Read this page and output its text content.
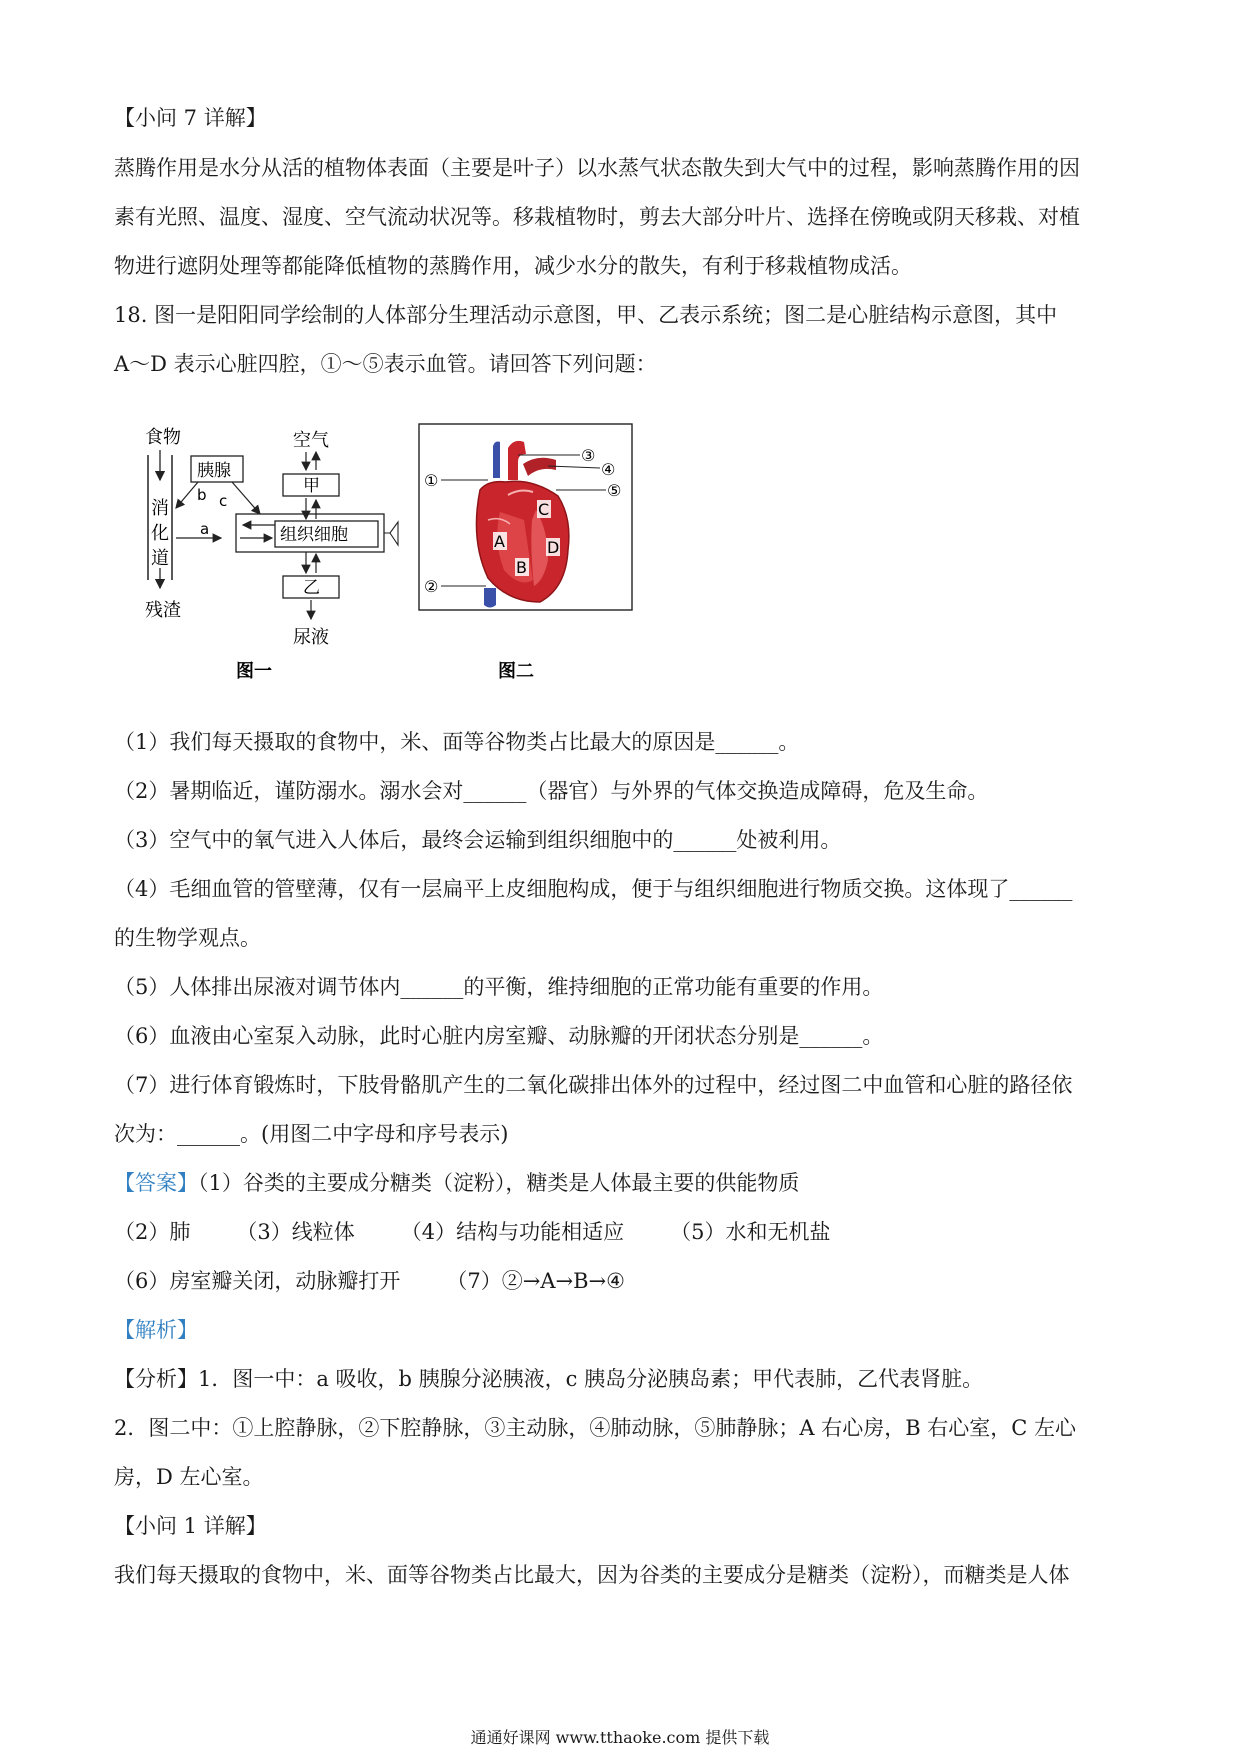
【小问 7 详解】
蒸腾作用是水分从活的植物体表面（主要是叶子）以水蒸气状态散失到大气中的过程，影响蒸腾作用的因
素有光照、温度、湿度、空气流动状况等。移栽植物时，剪去大部分叶片、选择在傍晚或阴天移栽、对植
物进行遮阴处理等都能降低植物的蒸腾作用，减少水分的散失，有利于移栽植物成活。
18. 图一是阳阳同学绘制的人体部分生理活动示意图，甲、乙表示系统；图二是心脏结构示意图，其中
A～D 表示心脏四腔，①～⑤表示血管。请回答下列问题：
食物
消
化
道
残渣
胰腺
b c
a	组织细胞
空气
甲
乙
尿液
图一
A
B
C
D
①
②
③
④
⑤
图二
（1）我们每天摄取的食物中，米、面等谷物类占比最大的原因是______。
（2）暑期临近，谨防溺水。溺水会对______（器官）与外界的气体交换造成障碍，危及生命。
（3）空气中的氧气进入人体后，最终会运输到组织细胞中的______处被利用。
（4）毛细血管的管壁薄，仅有一层扁平上皮细胞构成，便于与组织细胞进行物质交换。这体现了______
的生物学观点。
（5）人体排出尿液对调节体内______的平衡，维持细胞的正常功能有重要的作用。
（6）血液由心室泵入动脉，此时心脏内房室瓣、动脉瓣的开闭状态分别是______。
（7）进行体育锻炼时，下肢骨骼肌产生的二氧化碳排出体外的过程中，经过图二中血管和心脏的路径依
次为：______。(用图二中字母和序号表示)
【答案】（1）谷类的主要成分糖类（淀粉），糖类是人体最主要的供能物质
（2）肺 （3）线粒体 （4）结构与功能相适应 （5）水和无机盐
（6）房室瓣关闭，动脉瓣打开 （7）②→A→B→④
【解析】
【分析】1．图一中：a 吸收，b 胰腺分泌胰液，c 胰岛分泌胰岛素；甲代表肺，乙代表肾脏。
2．图二中：①上腔静脉，②下腔静脉，③主动脉，④肺动脉，⑤肺静脉；A 右心房，B 右心室，C 左心
房，D 左心室。
【小问 1 详解】
我们每天摄取的食物中，米、面等谷物类占比最大，因为谷类的主要成分是糖类（淀粉），而糖类是人体
通通好课网 www.tthaoke.com 提供下载
